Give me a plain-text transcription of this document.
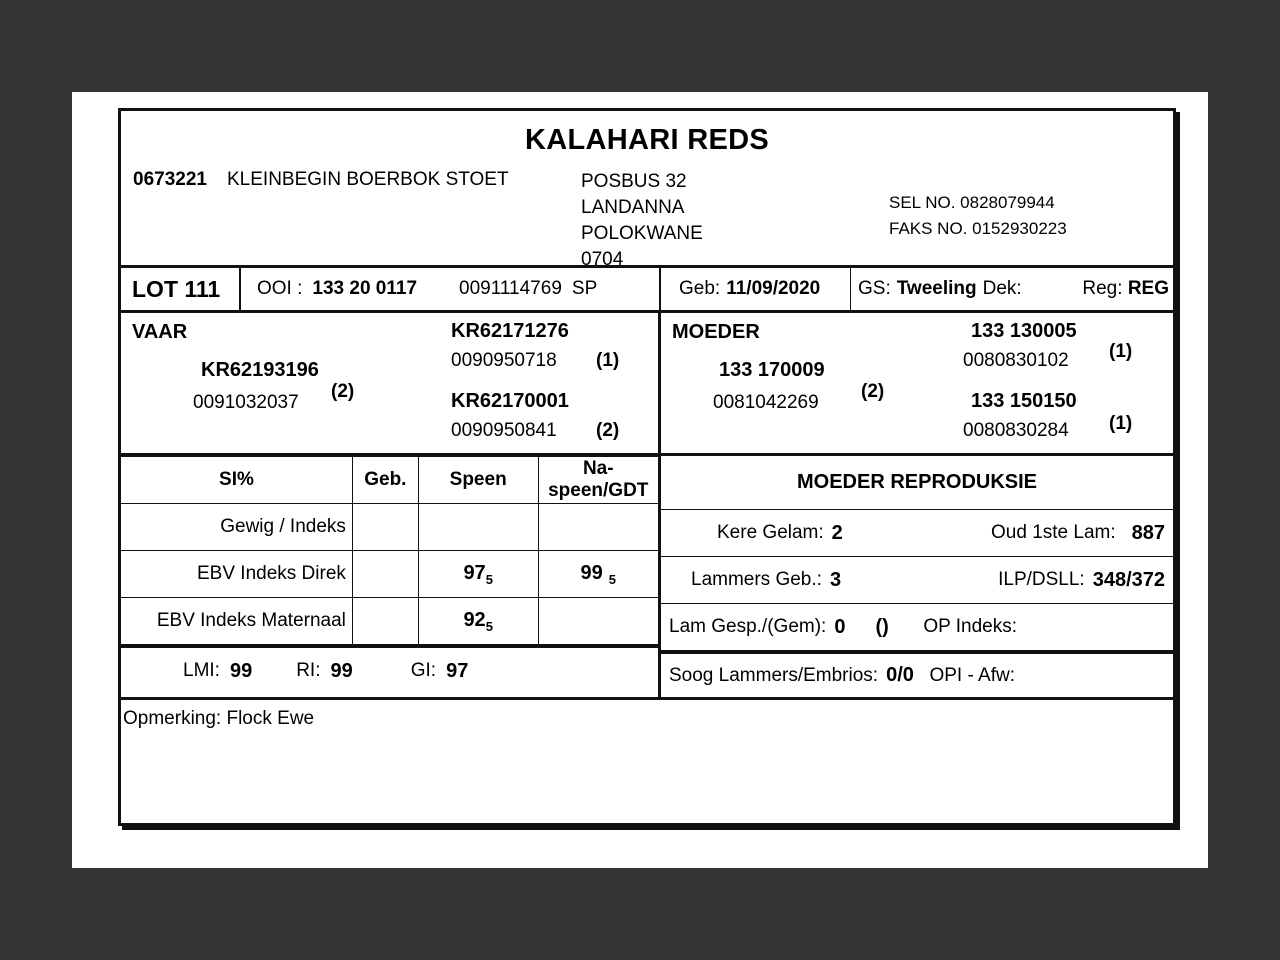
KALAHARI REDS
0673221 KLEINBEGIN BOERBOK STOET	POSBUS 32
LANDANNA
POLOKWANE
0704
SEL NO. 0828079944
FAKS NO. 0152930223
LOT 111	OOI : 133 20 0117 0091114769 SP	Geb: 11/09/2020 GS: Tweeling Dek:	Reg: REG
VAAR
KR62193196
0091032037
(2)
KR62171276
0090950718 (1)
KR62170001
0090950841 (2)
MOEDER
133 170009
0081042269
(2)
133 130005
0080830102 (1)
133 150150
0080830284 (1)
SI%	Geb.	Speen	Na-speen/GDT
Gewig / Indeks			
EBV Indeks Direk		$97_5$	99 $_5$
EBV Indeks Maternaal		$92_5$	
LMI: 99 RI: 99	GI: 97
MOEDER REPRODUKSIE
Kere Gelam: 2	Oud 1ste Lam: 887
Lammers Geb.: 3	ILP/DSLL: 348/372
Lam Gesp./(Gem): 0 () OP Indeks:
Soog Lammers/Embrios: 0/0 OPI - Afw:
Opmerking: Flock Ewe
